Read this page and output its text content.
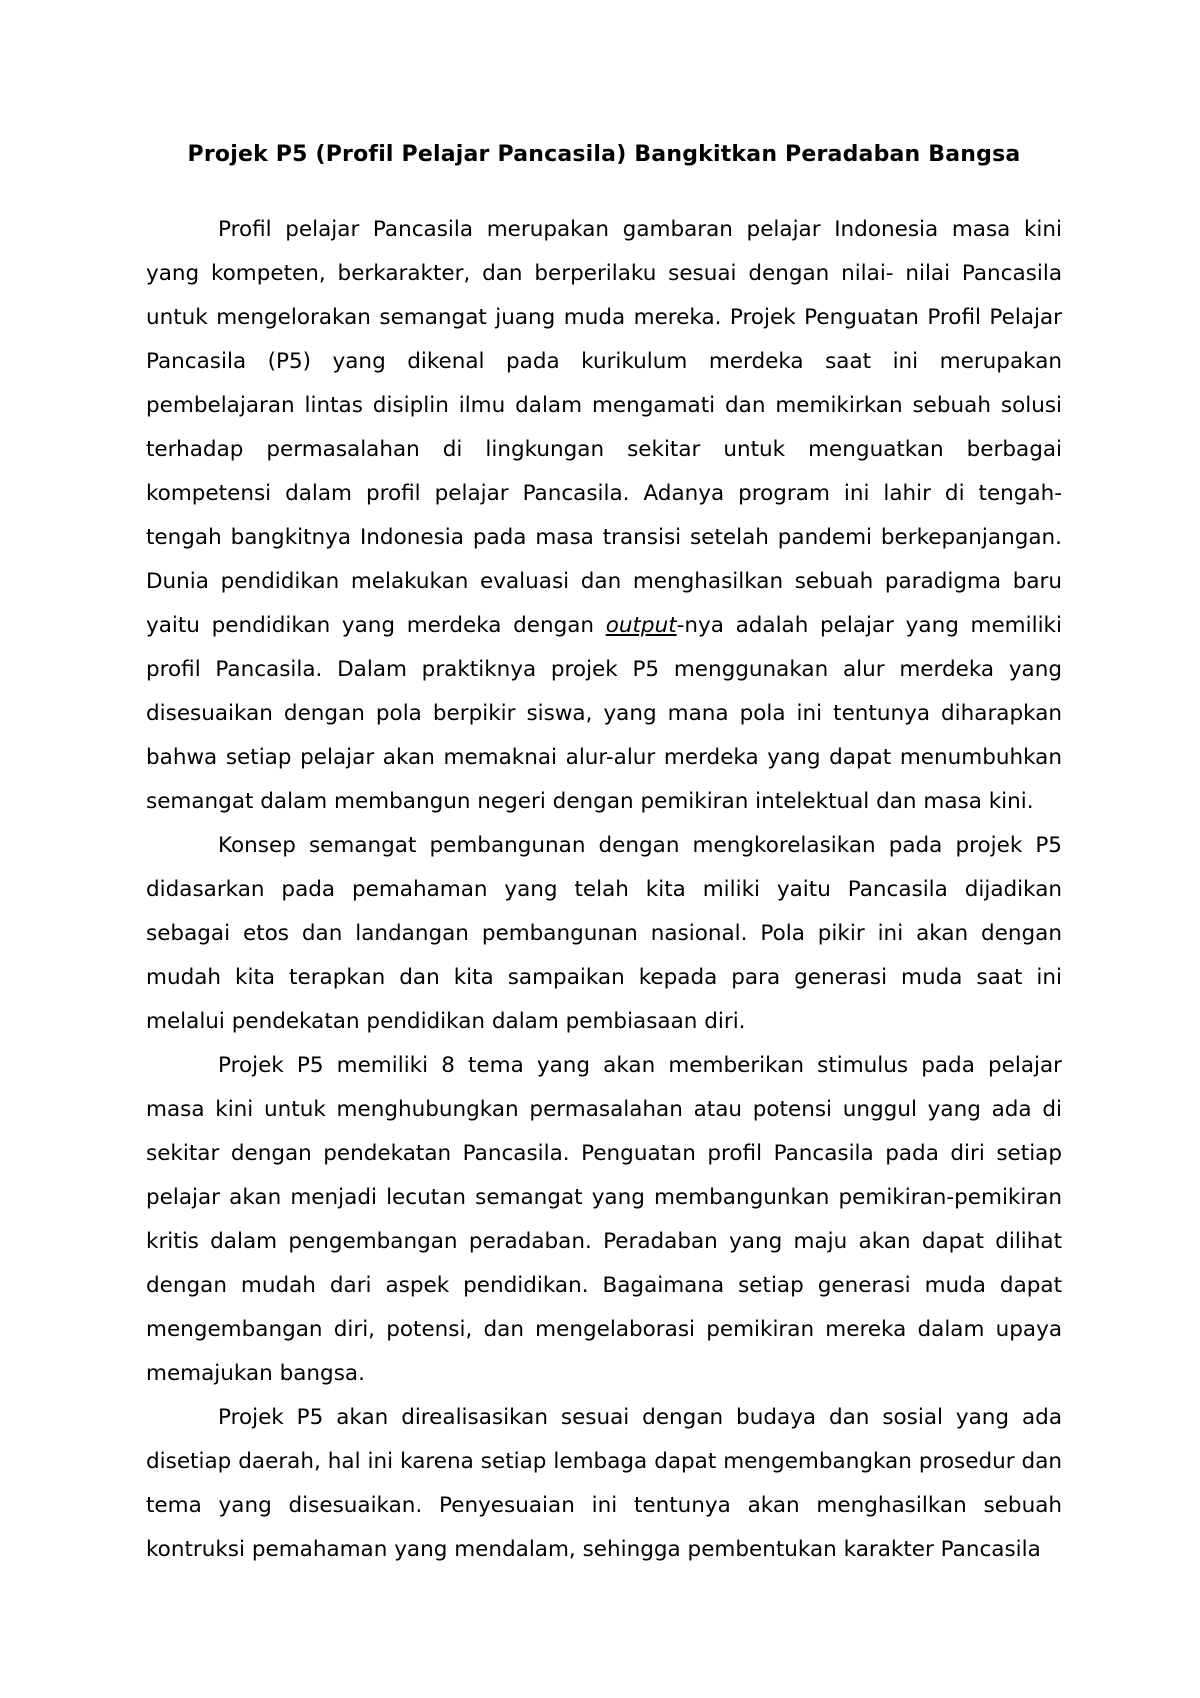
Projek P5 (Profil Pelajar Pancasila) Bangkitkan Peradaban Bangsa

Profil pelajar Pancasila merupakan gambaran pelajar Indonesia masa kini yang kompeten, berkarakter, dan berperilaku sesuai dengan nilai- nilai Pancasila untuk mengelorakan semangat juang muda mereka. Projek Penguatan Profil Pelajar Pancasila (P5) yang dikenal pada kurikulum merdeka saat ini merupakan pembelajaran lintas disiplin ilmu dalam mengamati dan memikirkan sebuah solusi terhadap permasalahan di lingkungan sekitar untuk menguatkan berbagai kompetensi dalam profil pelajar Pancasila. Adanya program ini lahir di tengah-tengah bangkitnya Indonesia pada masa transisi setelah pandemi berkepanjangan. Dunia pendidikan melakukan evaluasi dan menghasilkan sebuah paradigma baru yaitu pendidikan yang merdeka dengan output-nya adalah pelajar yang memiliki profil Pancasila. Dalam praktiknya projek P5 menggunakan alur merdeka yang disesuaikan dengan pola berpikir siswa, yang mana pola ini tentunya diharapkan bahwa setiap pelajar akan memaknai alur-alur merdeka yang dapat menumbuhkan semangat dalam membangun negeri dengan pemikiran intelektual dan masa kini.

Konsep semangat pembangunan dengan mengkorelasikan pada projek P5 didasarkan pada pemahaman yang telah kita miliki yaitu Pancasila dijadikan sebagai etos dan landangan pembangunan nasional. Pola pikir ini akan dengan mudah kita terapkan dan kita sampaikan kepada para generasi muda saat ini melalui pendekatan pendidikan dalam pembiasaan diri.

Projek P5 memiliki 8 tema yang akan memberikan stimulus pada pelajar masa kini untuk menghubungkan permasalahan atau potensi unggul yang ada di sekitar dengan pendekatan Pancasila. Penguatan profil Pancasila pada diri setiap pelajar akan menjadi lecutan semangat yang membangunkan pemikiran-pemikiran kritis dalam pengembangan peradaban. Peradaban yang maju akan dapat dilihat dengan mudah dari aspek pendidikan. Bagaimana setiap generasi muda dapat mengembangan diri, potensi, dan mengelaborasi pemikiran mereka dalam upaya memajukan bangsa.

Projek P5 akan direalisasikan sesuai dengan budaya dan sosial yang ada disetiap daerah, hal ini karena setiap lembaga dapat mengembangkan prosedur dan tema yang disesuaikan. Penyesuaian ini tentunya akan menghasilkan sebuah kontruksi pemahaman yang mendalam, sehingga pembentukan karakter Pancasila
